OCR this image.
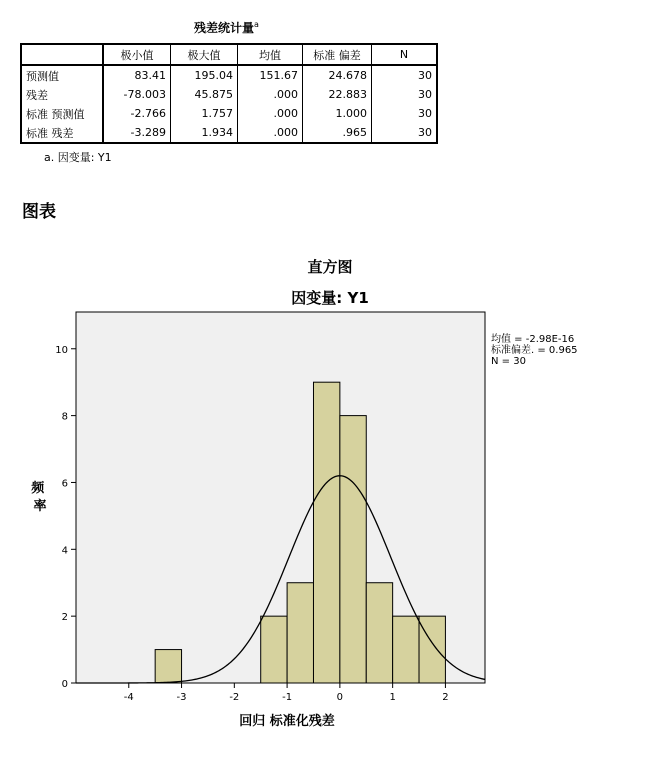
残差统计量$^a$
	极小值	极大值	均值	标准 偏差	N
预测值	83.41	195.04	151.67	24.678	30
残差	-78.003	45.875	.000	22.883	30
标准 预测值	-2.766	1.757	.000	1.000	30
标准 残差	-3.289	1.934	.000	.965	30
a. 因变量: Y1
图表
直方图
因变量: Y1
-4	-3	-2	-1	0	1	2
0
2
4
6
8
10
频 率
回归 标准化残差
均值 = -2.98E-16
标准偏差. = 0.965
N = 30
